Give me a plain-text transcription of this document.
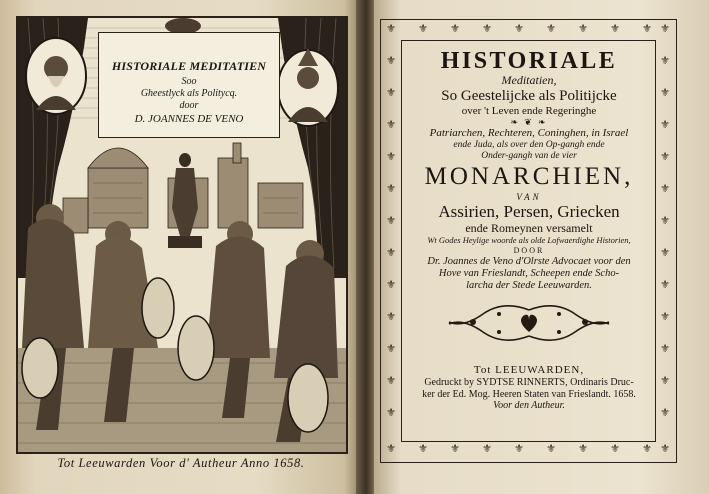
HISTORIALE MEDITATIEN
Soo
Gheestlyck als Politycq.
door
D. JOANNES DE VENO
Tot Leeuwarden Voor d' Autheur Anno 1658.
⚜ ⚜ ⚜ ⚜ ⚜ ⚜ ⚜ ⚜ ⚜ ⚜
⚜ ⚜ ⚜ ⚜ ⚜ ⚜ ⚜ ⚜ ⚜ ⚜
⚜
⚜
⚜
⚜
⚜
⚜
⚜
⚜
⚜
⚜
⚜
⚜
⚜
⚜
⚜
⚜
⚜
⚜
⚜
⚜
⚜
⚜
⚜
⚜
HISTORIALE
Meditatien,
So Geestelijcke als Politijcke
over 't Leven ende Regeringhe
❧ ❦ ❧
Patriarchen, Rechteren, Coninghen, in Israel
ende Juda, als over den Op-gangh ende
Onder-gangh van de vier
MONARCHIEN,
VAN
Assirien, Persen, Griecken
ende Romeynen versamelt
Wt Godes Heylige woorde als olde Lofwaerdighe Historien,
DOOR
Dr. Joannes de Veno d'Olrste Advocaet voor den
Hove van Frieslandt, Scheepen ende Scho-
larcha der Stede Leeuwarden.
Tot LEEUWARDEN,
Gedruckt by SYDTSE RINNERTS, Ordinaris Druc-
ker der Ed. Mog. Heeren Staten van Frieslandt. 1658.
Voor den Autheur.
